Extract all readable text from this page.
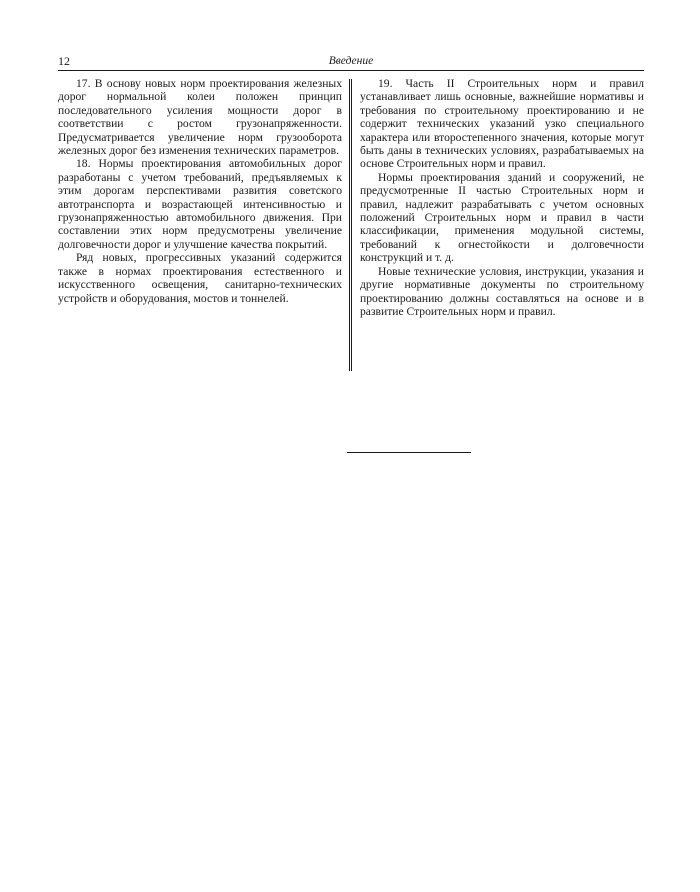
12	Введение

17. В основу новых норм проектирования железных дорог нормальной колеи положен принцип последовательного усиления мощности дорог в соответствии с ростом грузонапряженности. Предусматривается увеличение норм грузооборота железных дорог без изменения технических параметров.

18. Нормы проектирования автомобильных дорог разработаны с учетом требований, предъявляемых к этим дорогам перспективами развития советского автотранспорта и возрастающей интенсивностью и грузонапряженностью автомобильного движения. При составлении этих норм предусмотрены увеличение долговечности дорог и улучшение качества покрытий.

Ряд новых, прогрессивных указаний содержится также в нормах проектирования естественного и искусственного освещения, санитарно-технических устройств и оборудования, мостов и тоннелей.

19. Часть II Строительных норм и правил устанавливает лишь основные, важнейшие нормативы и требования по строительному проектированию и не содержит технических указаний узко специального характера или второстепенного значения, которые могут быть даны в технических условиях, разрабатываемых на основе Строительных норм и правил.

Нормы проектирования зданий и сооружений, не предусмотренные II частью Строительных норм и правил, надлежит разрабатывать с учетом основных положений Строительных норм и правил в части классификации, применения модульной системы, требований к огнестойкости и долговечности конструкций и т. д.

Новые технические условия, инструкции, указания и другие нормативные документы по строительному проектированию должны составляться на основе и в развитие Строительных норм и правил.
